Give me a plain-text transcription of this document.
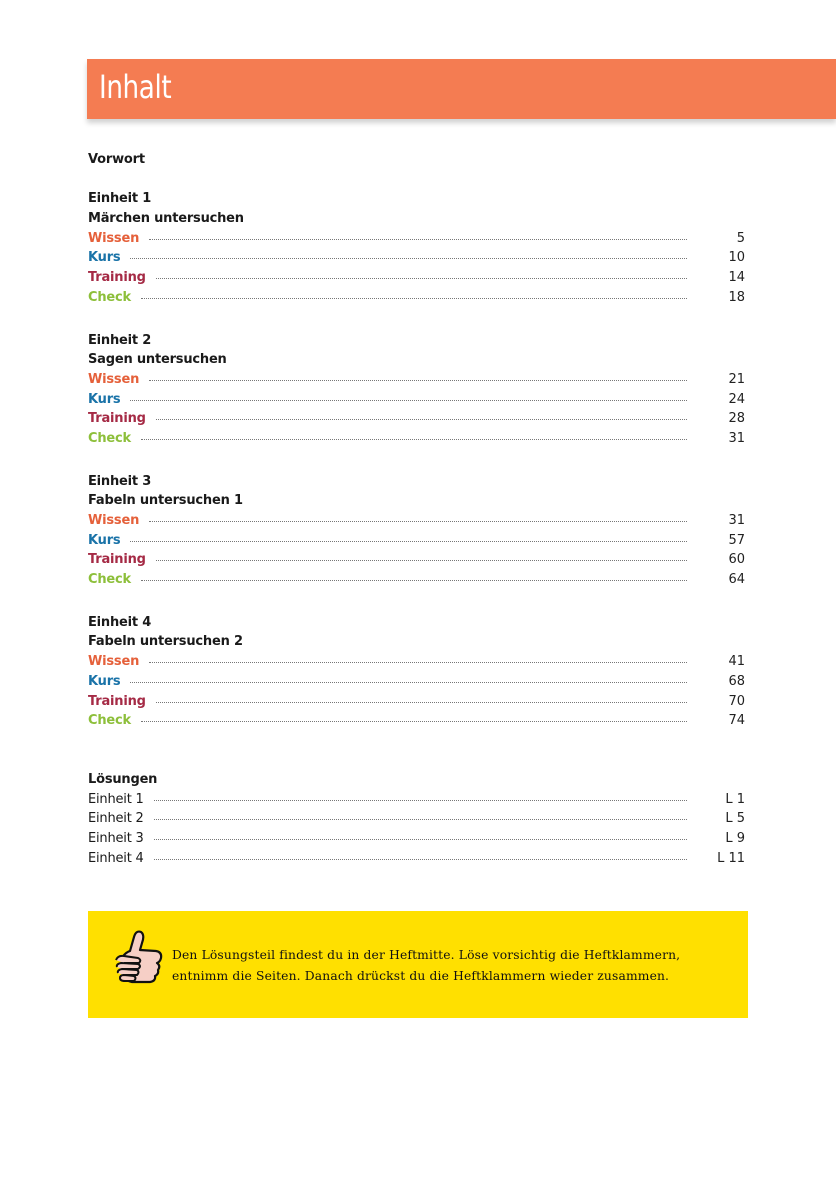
Inhalt
Vorwort
Einheit 1
Märchen untersuchen
Wissen	5
Kurs	10
Training	14
Check	18
Einheit 2
Sagen untersuchen
Wissen	21
Kurs	24
Training	28
Check	31
Einheit 3
Fabeln untersuchen 1
Wissen	31
Kurs	57
Training	60
Check	64
Einheit 4
Fabeln untersuchen 2
Wissen	41
Kurs	68
Training	70
Check	74
Lösungen
Einheit 1	L 1
Einheit 2	L 5
Einheit 3	L 9
Einheit 4	L 11
Den Lösungsteil findest du in der Heftmitte. Löse vorsichtig die Heftklammern,
entnimm die Seiten. Danach drückst du die Heftklammern wieder zusammen.
